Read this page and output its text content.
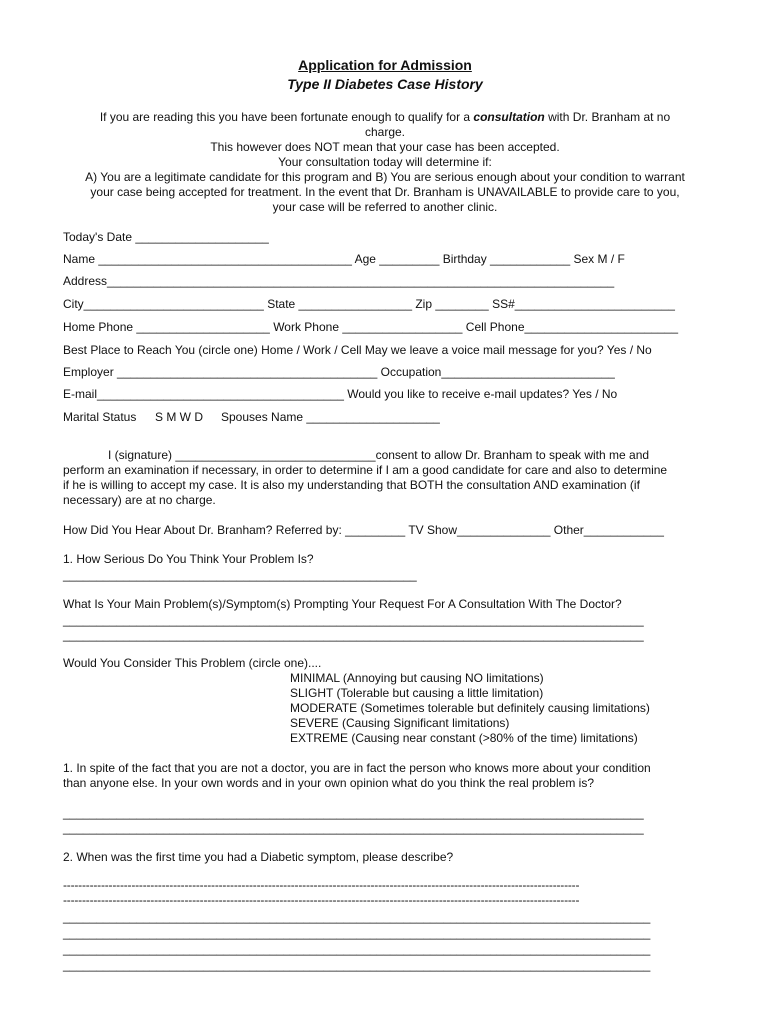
Application for Admission
Type II Diabetes Case History
If you are reading this you have been fortunate enough to qualify for a consultation with Dr. Branham at no
charge.
This however does NOT mean that your case has been accepted.
Your consultation today will determine if:
A) You are a legitimate candidate for this program and B) You are serious enough about your condition to warrant
your case being accepted for treatment. In the event that Dr. Branham is UNAVAILABLE to provide care to you,
your case will be referred to another clinic.
Today's Date ____________________
Name ______________________________________ Age _________ Birthday ____________ Sex M / F
Address____________________________________________________________________________
City___________________________ State _________________ Zip ________ SS#________________________
Home Phone ____________________ Work Phone __________________ Cell Phone_______________________
Best Place to Reach You (circle one) Home / Work / Cell May we leave a voice mail message for you? Yes / No
Employer _______________________________________ Occupation__________________________
E-mail_____________________________________ Would you like to receive e-mail updates? Yes / No
Marital Status S M W D Spouses Name ____________________
I (signature) ______________________________consent to allow Dr. Branham to speak with me and
perform an examination if necessary, in order to determine if I am a good candidate for care and also to determine
if he is willing to accept my case. It is also my understanding that BOTH the consultation AND examination (if
necessary) are at no charge.
How Did You Hear About Dr. Branham? Referred by: _________ TV Show______________ Other____________
1. How Serious Do You Think Your Problem Is?
_____________________________________________________
What Is Your Main Problem(s)/Symptom(s) Prompting Your Request For A Consultation With The Doctor?
_______________________________________________________________________________________
_______________________________________________________________________________________
Would You Consider This Problem (circle one)....
MINIMAL (Annoying but causing NO limitations)
SLIGHT (Tolerable but causing a little limitation)
MODERATE (Sometimes tolerable but definitely causing limitations)
SEVERE (Causing Significant limitations)
EXTREME (Causing near constant (>80% of the time) limitations)
1. In spite of the fact that you are not a doctor, you are in fact the person who knows more about your condition
than anyone else. In your own words and in your own opinion what do you think the real problem is?
_______________________________________________________________________________________
_______________________________________________________________________________________
2. When was the first time you had a Diabetic symptom, please describe?
----------------------------------------------------------------------------------------------------------------------------------------
----------------------------------------------------------------------------------------------------------------------------------------
________________________________________________________________________________________
________________________________________________________________________________________
________________________________________________________________________________________
________________________________________________________________________________________
